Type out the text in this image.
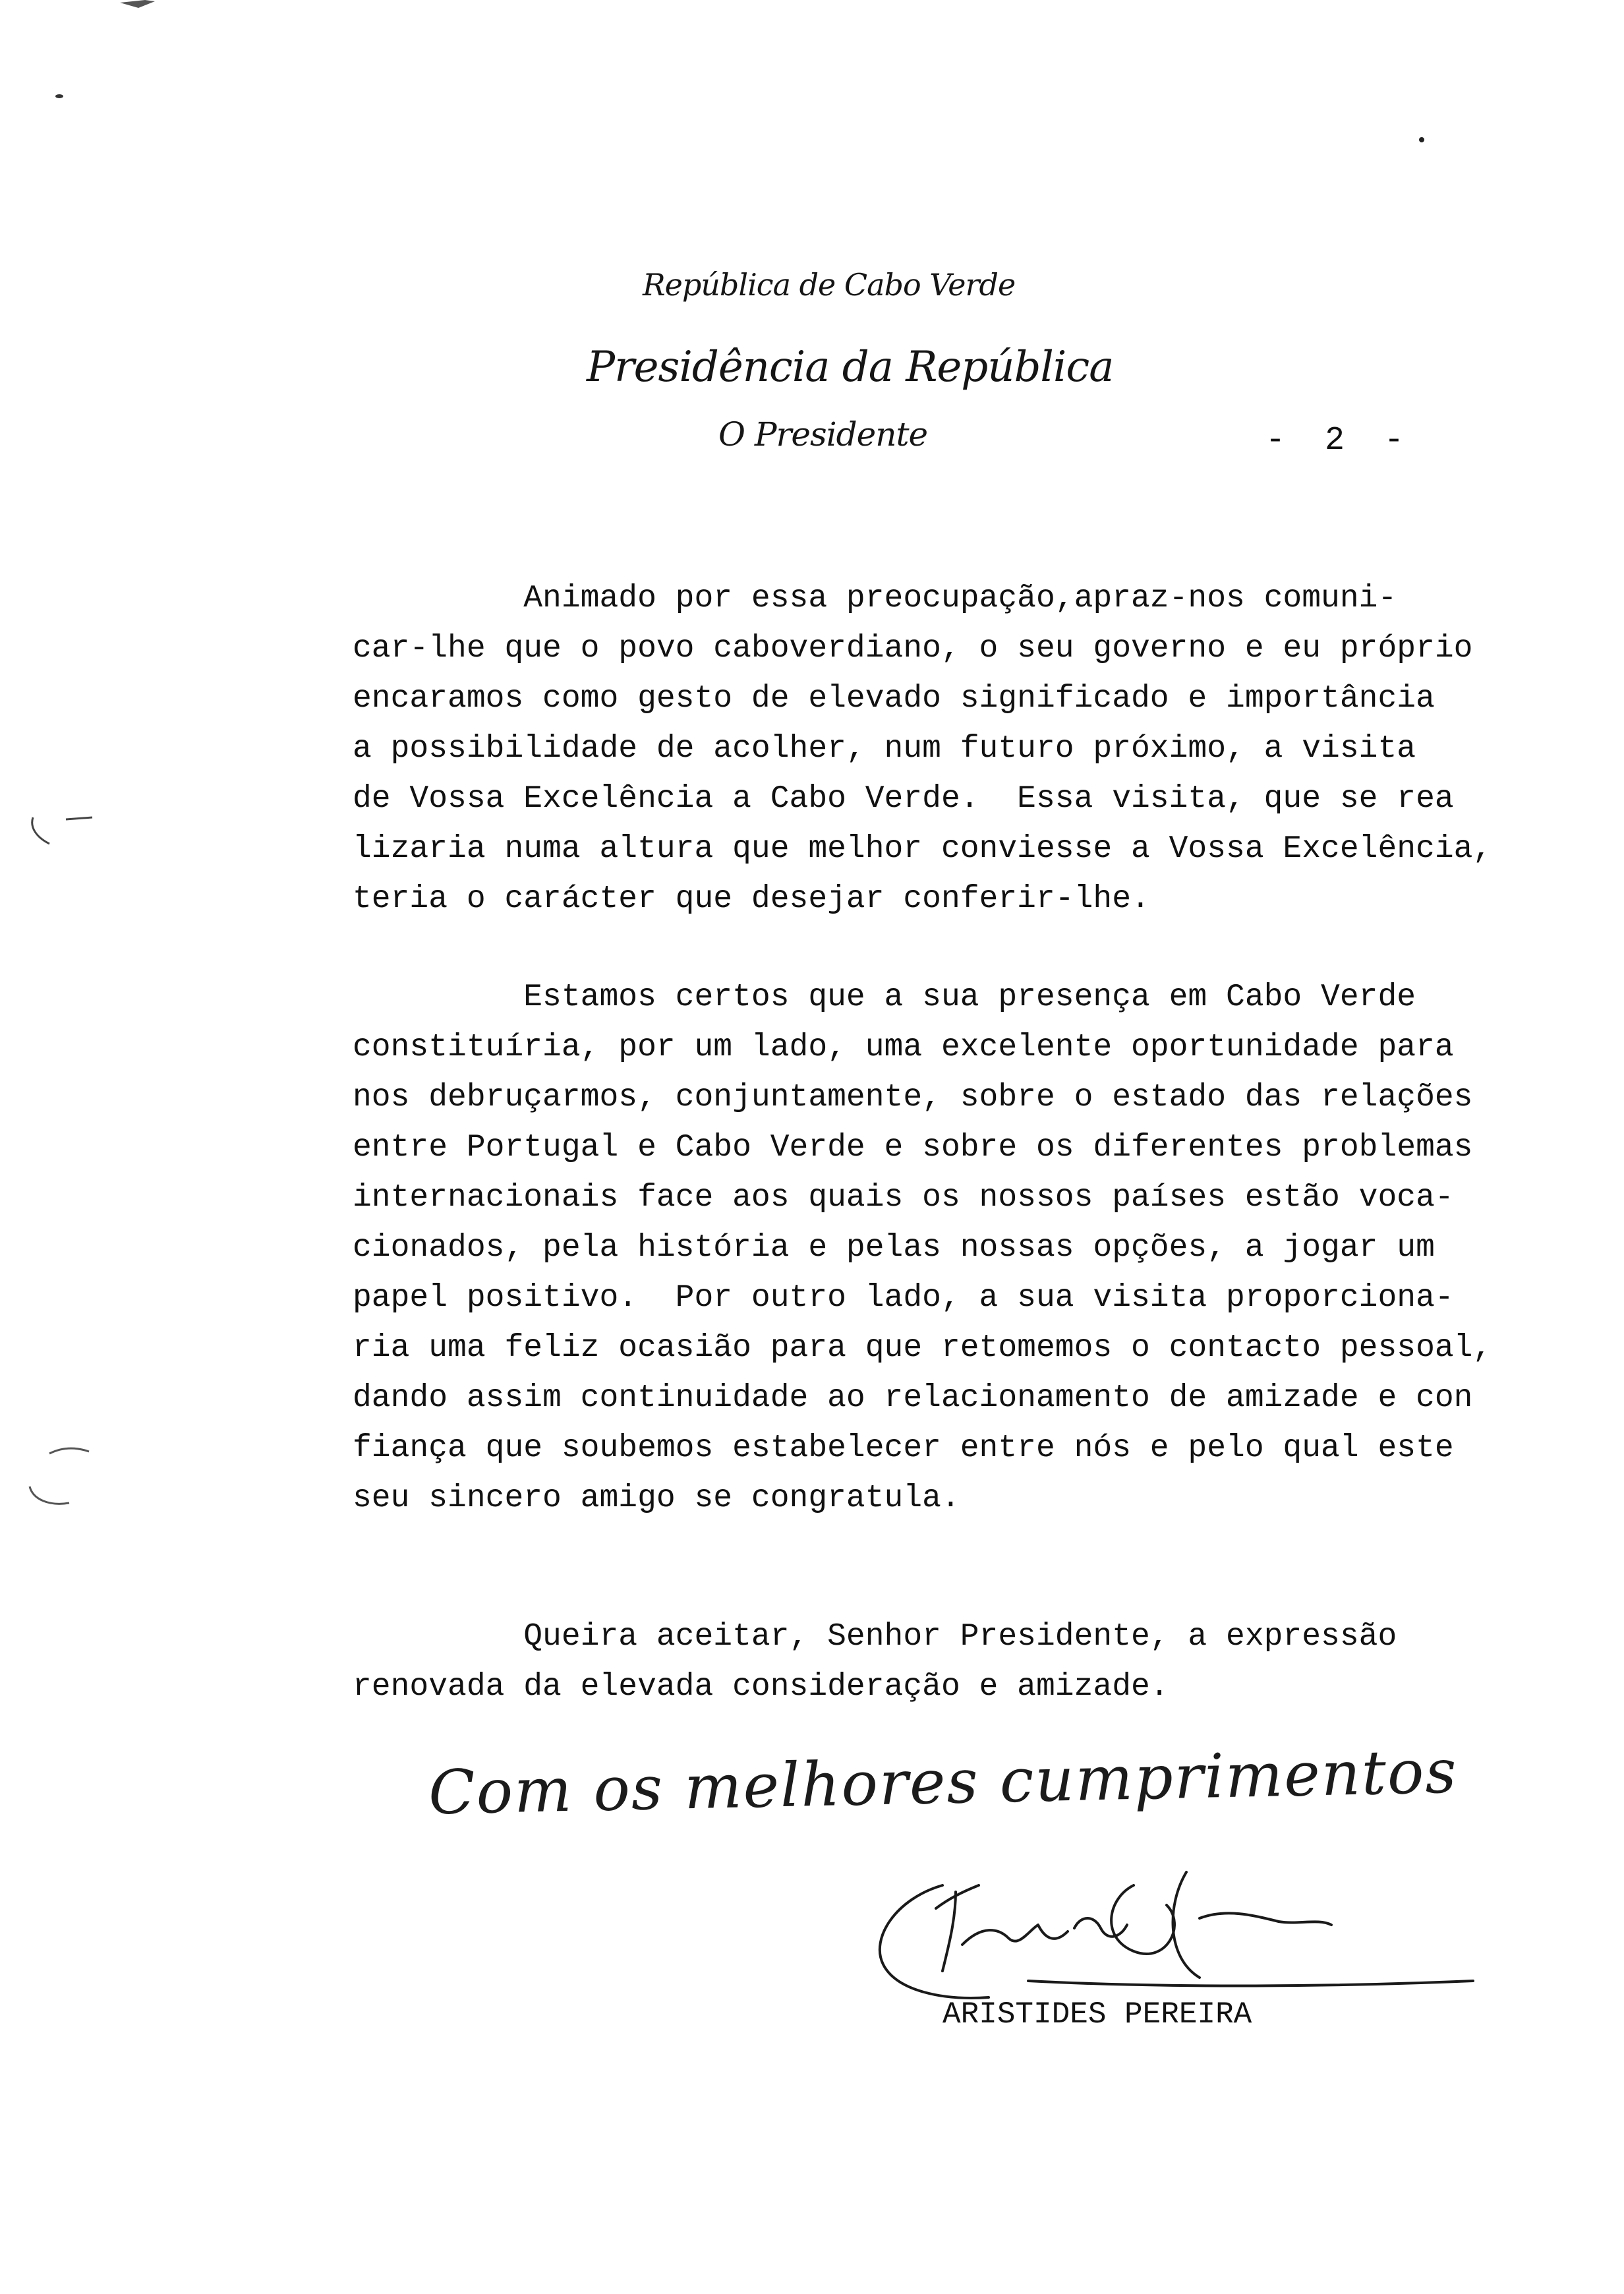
República de Cabo Verde
Presidência da República
O Presidente	-  2  -
Animado por essa preocupação,apraz-nos comuni-
car-lhe que o povo caboverdiano, o seu governo e eu próprio
encaramos como gesto de elevado significado e importância
a possibilidade de acolher, num futuro próximo, a visita
de Vossa Excelência a Cabo Verde.  Essa visita, que se rea
lizaria numa altura que melhor conviesse a Vossa Excelência,
teria o carácter que desejar conferir-lhe.
Estamos certos que a sua presença em Cabo Verde
constituíria, por um lado, uma excelente oportunidade para
nos debruçarmos, conjuntamente, sobre o estado das relações
entre Portugal e Cabo Verde e sobre os diferentes problemas
internacionais face aos quais os nossos países estão voca-
cionados, pela história e pelas nossas opções, a jogar um
papel positivo.  Por outro lado, a sua visita proporciona-
ria uma feliz ocasião para que retomemos o contacto pessoal,
dando assim continuidade ao relacionamento de amizade e con
fiança que soubemos estabelecer entre nós e pelo qual este
seu sincero amigo se congratula.
Queira aceitar, Senhor Presidente, a expressão
renovada da elevada consideração e amizade.
Com os melhores cumprimentos
ARISTIDES PEREIRA
